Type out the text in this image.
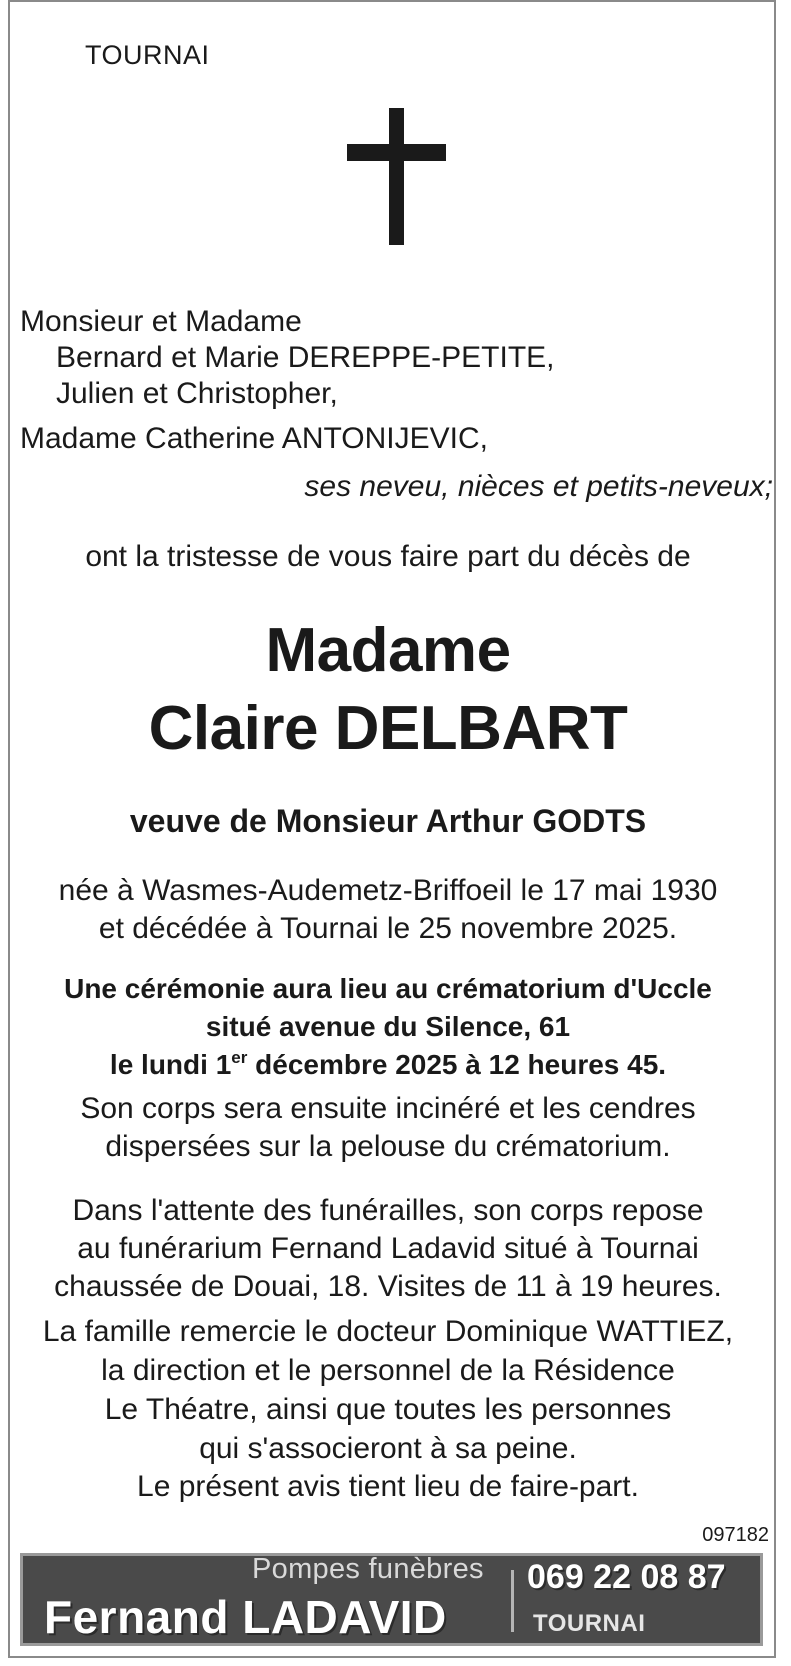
TOURNAI
Monsieur et Madame
Bernard et Marie DEREPPE-PETITE,
Julien et Christopher,
Madame Catherine ANTONIJEVIC,
ses neveu, nièces et petits-neveux;
ont la tristesse de vous faire part du décès de
Madame
Claire DELBART
veuve de Monsieur Arthur GODTS
née à Wasmes-Audemetz-Briffoeil le 17 mai 1930
et décédée à Tournai le 25 novembre 2025.
Une cérémonie aura lieu au crématorium d'Uccle
situé avenue du Silence, 61
le lundi 1er décembre 2025 à 12 heures 45.
Son corps sera ensuite incinéré et les cendres
dispersées sur la pelouse du crématorium.
Dans l'attente des funérailles, son corps repose
au funérarium Fernand Ladavid situé à Tournai
chaussée de Douai, 18. Visites de 11 à 19 heures.
La famille remercie le docteur Dominique WATTIEZ,
la direction et le personnel de la Résidence
Le Théatre, ainsi que toutes les personnes
qui s'associeront à sa peine.
Le présent avis tient lieu de faire-part.
097182
Pompes funèbres
Fernand LADAVID
069 22 08 87
TOURNAI
